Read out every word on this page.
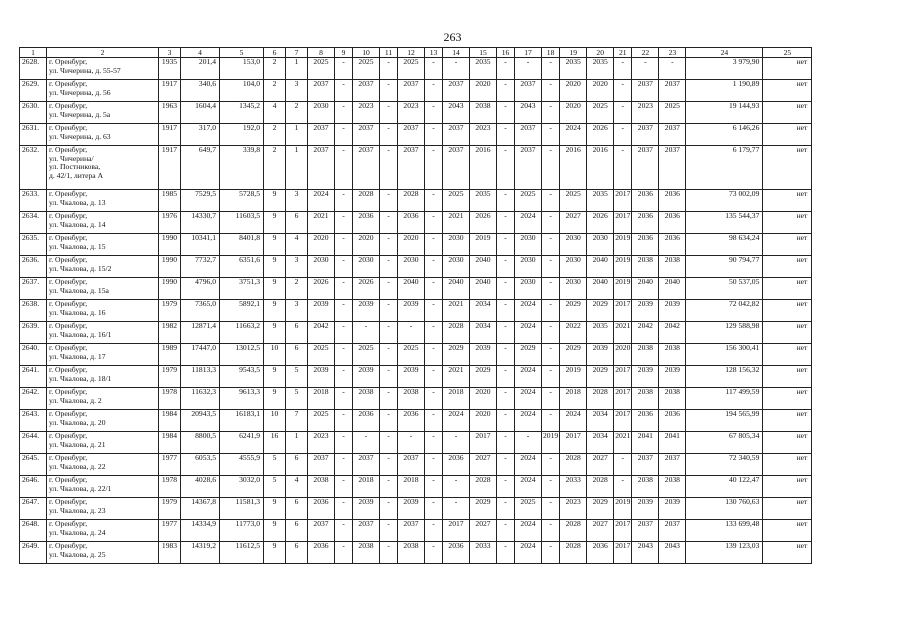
263
1	2	3	4	5	6	7	8	9	10	11	12	13	14	15	16	17	18	19	20	21	22	23	24	25
2628.	г. Оренбург,
ул. Чичерина, д. 55-57	1935	201,4	153,0	2	1	2025	-	2025	-	2025	-	-	2035	-	-	-	2035	2035	-	-	-	3 979,90	нет
2629.	г. Оренбург,
ул. Чичерина, д. 56	1917	340,6	104,0	2	3	2037	-	2037	-	2037	-	2037	2020	-	2037	-	2020	2020	-	2037	2037	1 190,89	нет
2630.	г. Оренбург,
ул. Чичерина, д. 5а	1963	1604,4	1345,2	4	2	2030	-	2023	-	2023	-	2043	2038	-	2043	-	2020	2025	-	2023	2025	19 144,93	нет
2631.	г. Оренбург,
ул. Чичерина, д. 63	1917	317,0	192,0	2	1	2037	-	2037	-	2037	-	2037	2023	-	2037	-	2024	2026	-	2037	2037	6 146,26	нет
2632.	г. Оренбург,
ул. Чичерина/
ул. Постникова,
д. 42/1, литера А	1917	649,7	339,8	2	1	2037	-	2037	-	2037	-	2037	2016	-	2037	-	2016	2016	-	2037	2037	6 179,77	нет
2633.	г. Оренбург,
ул. Чкалова, д. 13	1985	7529,5	5728,5	9	3	2024	-	2028	-	2028	-	2025	2035	-	2025	-	2025	2035	2017	2036	2036	73 002,09	нет
2634.	г. Оренбург,
ул. Чкалова, д. 14	1976	14330,7	11603,5	9	6	2021	-	2036	-	2036	-	2021	2026	-	2024	-	2027	2026	2017	2036	2036	135 544,37	нет
2635.	г. Оренбург,
ул. Чкалова, д. 15	1990	10341,1	8401,8	9	4	2020	-	2020	-	2020	-	2030	2019	-	2030	-	2030	2030	2019	2036	2036	98 634,24	нет
2636.	г. Оренбург,
ул. Чкалова, д. 15/2	1990	7732,7	6351,6	9	3	2030	-	2030	-	2030	-	2030	2040	-	2030	-	2030	2040	2019	2038	2038	90 794,77	нет
2637.	г. Оренбург,
ул. Чкалова, д. 15а	1990	4796,0	3751,3	9	2	2026	-	2026	-	2040	-	2040	2040	-	2030	-	2030	2040	2019	2040	2040	50 537,05	нет
2638.	г. Оренбург,
ул. Чкалова, д. 16	1979	7365,0	5892,1	9	3	2039	-	2039	-	2039	-	2021	2034	-	2024	-	2029	2029	2017	2039	2039	72 042,82	нет
2639.	г. Оренбург,
ул. Чкалова, д. 16/1	1982	12871,4	11663,2	9	6	2042	-	-	-	-	-	2028	2034	-	2024	-	2022	2035	2021	2042	2042	129 588,98	нет
2640.	г. Оренбург,
ул. Чкалова, д. 17	1989	17447,0	13012,5	10	6	2025	-	2025	-	2025	-	2029	2039	-	2029	-	2029	2039	2020	2038	2038	156 300,41	нет
2641.	г. Оренбург,
ул. Чкалова, д. 18/1	1979	11813,3	9543,5	9	5	2039	-	2039	-	2039	-	2021	2029	-	2024	-	2019	2029	2017	2039	2039	128 156,32	нет
2642.	г. Оренбург,
ул. Чкалова, д. 2	1978	11632,3	9613,3	9	5	2018	-	2038	-	2038	-	2018	2020	-	2024	-	2018	2028	2017	2038	2038	117 499,59	нет
2643.	г. Оренбург,
ул. Чкалова, д. 20	1984	20943,5	16183,1	10	7	2025	-	2036	-	2036	-	2024	2020	-	2024	-	2024	2034	2017	2036	2036	194 565,99	нет
2644.	г. Оренбург,
ул. Чкалова, д. 21	1984	8800,5	6241,9	16	1	2023	-	-	-	-	-	-	2017	-	-	2019	2017	2034	2021	2041	2041	67 805,34	нет
2645.	г. Оренбург,
ул. Чкалова, д. 22	1977	6053,5	4555,9	5	6	2037	-	2037	-	2037	-	2036	2027	-	2024	-	2028	2027	-	2037	2037	72 340,59	нет
2646.	г. Оренбург,
ул. Чкалова, д. 22/1	1978	4028,6	3032,0	5	4	2038	-	2018	-	2018	-	-	2028	-	2024	-	2033	2028	-	2038	2038	40 122,47	нет
2647.	г. Оренбург,
ул. Чкалова, д. 23	1979	14367,8	11581,3	9	6	2036	-	2039	-	2039	-	-	2029	-	2025	-	2023	2029	2019	2039	2039	130 760,63	нет
2648.	г. Оренбург,
ул. Чкалова, д. 24	1977	14334,9	11773,0	9	6	2037	-	2037	-	2037	-	2017	2027	-	2024	-	2028	2027	2017	2037	2037	133 699,48	нет
2649.	г. Оренбург,
ул. Чкалова, д. 25	1983	14319,2	11612,5	9	6	2036	-	2038	-	2038	-	2036	2033	-	2024	-	2028	2036	2017	2043	2043	139 123,03	нет
